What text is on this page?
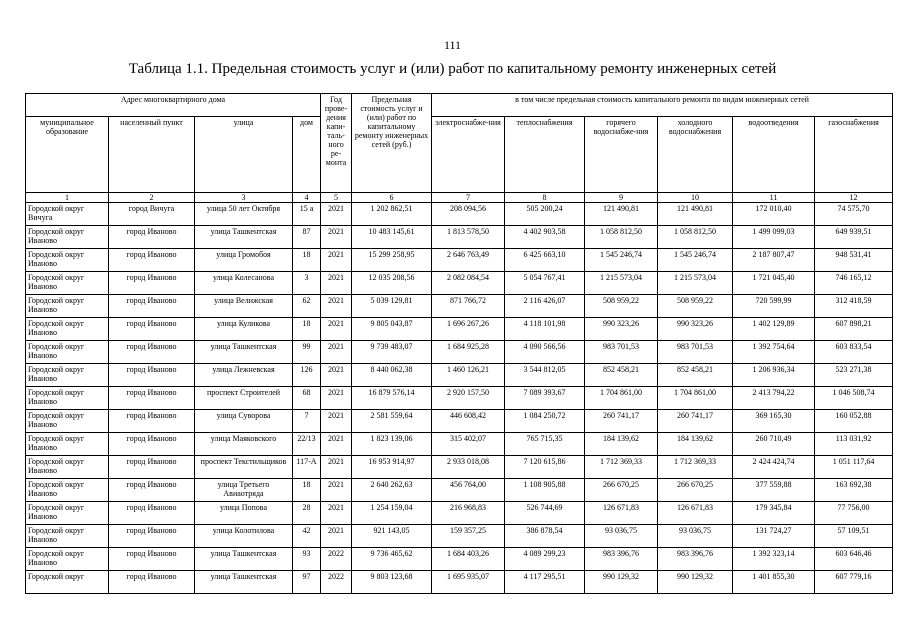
111
Таблица 1.1. Предельная стоимость услуг и (или) работ по капитальному ремонту инженерных сетей
Адрес многоквартирного дома				Год прове-дения капи-таль-ного ре-монта	Предельная стоимость услуг и (или) работ по капитальному ремонту инженерных сетей (руб.)	в том числе предельная стоимость капитального ремонта по видам инженерных сетей					
муниципальное образование	населенный пункт	улица	дом			электроснабже-ния	теплоснабжения	горячего водоснабже-ния	холодного водоснабжения	водоотведения	газоснабжения
1	2	3	4	5	6	7	8	9	10	11	12
Городской округ Вичуга	город Вичуга	улица 50 лет Октября	15 а	2021	1 202 862,51	208 094,56	505 200,24	121 490,81	121 490,81	172 010,40	74 575,70
Городской округ Иваново	город Иваново	улица Ташкентская	87	2021	10 483 145,61	1 813 578,50	4 402 903,58	1 058 812,50	1 058 812,50	1 499 099,03	649 939,51
Городской округ Иваново	город Иваново	улица Громобоя	18	2021	15 299 258,95	2 646 763,49	6 425 663,10	1 545 246,74	1 545 246,74	2 187 807,47	948 531,41
Городской округ Иваново	город Иваново	улица Колесанова	3	2021	12 035 208,56	2 082 084,54	5 054 767,41	1 215 573,04	1 215 573,04	1 721 045,40	746 165,12
Городской округ Иваново	город Иваново	улица Велижская	62	2021	5 039 129,81	871 766,72	2 116 426,07	508 959,22	508 959,22	720 599,99	312 418,59
Городской округ Иваново	город Иваново	улица Куликова	18	2021	9 805 043,87	1 696 267,26	4 118 101,98	990 323,26	990 323,26	1 402 129,89	607 898,21
Городской округ Иваново	город Иваново	улица Ташкентская	99	2021	9 739 483,07	1 684 925,28	4 090 566,56	983 701,53	983 701,53	1 392 754,64	603 833,54
Городской округ Иваново	город Иваново	улица Лежневская	126	2021	8 440 062,38	1 460 126,21	3 544 812,05	852 458,21	852 458,21	1 206 936,34	523 271,38
Городской округ Иваново	город Иваново	проспект Строителей	68	2021	16 879 576,14	2 920 157,50	7 089 393,67	1 704 861,00	1 704 861,00	2 413 794,22	1 046 508,74
Городской округ Иваново	город Иваново	улица Суворова	7	2021	2 581 559,64	446 608,42	1 084 250,72	260 741,17	260 741,17	369 165,30	160 052,88
Городской округ Иваново	город Иваново	улица Маяковского	22/13	2021	1 823 139,06	315 402,07	765 715,35	184 139,62	184 139,62	260 710,49	113 031,92
Городской округ Иваново	город Иваново	проспект Текстильщиков	117-А	2021	16 953 914,97	2 933 018,08	7 120 615,86	1 712 369,33	1 712 369,33	2 424 424,74	1 051 117,64
Городской округ Иваново	город Иваново	улица Третьего Авиаотряда	18	2021	2 640 262,63	456 764,00	1 108 905,88	266 670,25	266 670,25	377 559,88	163 692,38
Городской округ Иваново	город Иваново	улица Попова	28	2021	1 254 159,04	216 968,83	526 744,69	126 671,83	126 671,83	179 345,84	77 756,00
Городской округ Иваново	город Иваново	улица Колотилова	42	2021	921 143,05	159 357,25	386 878,54	93 036,75	93 036,75	131 724,27	57 109,51
Городской округ Иваново	город Иваново	улица Ташкентская	93	2022	9 736 465,62	1 684 403,26	4 089 299,23	983 396,76	983 396,76	1 392 323,14	603 646,46
Городской округ	город Иваново	улица Ташкентская	97	2022	9 803 123,68	1 695 935,07	4 117 295,51	990 129,32	990 129,32	1 401 855,30	607 779,16
